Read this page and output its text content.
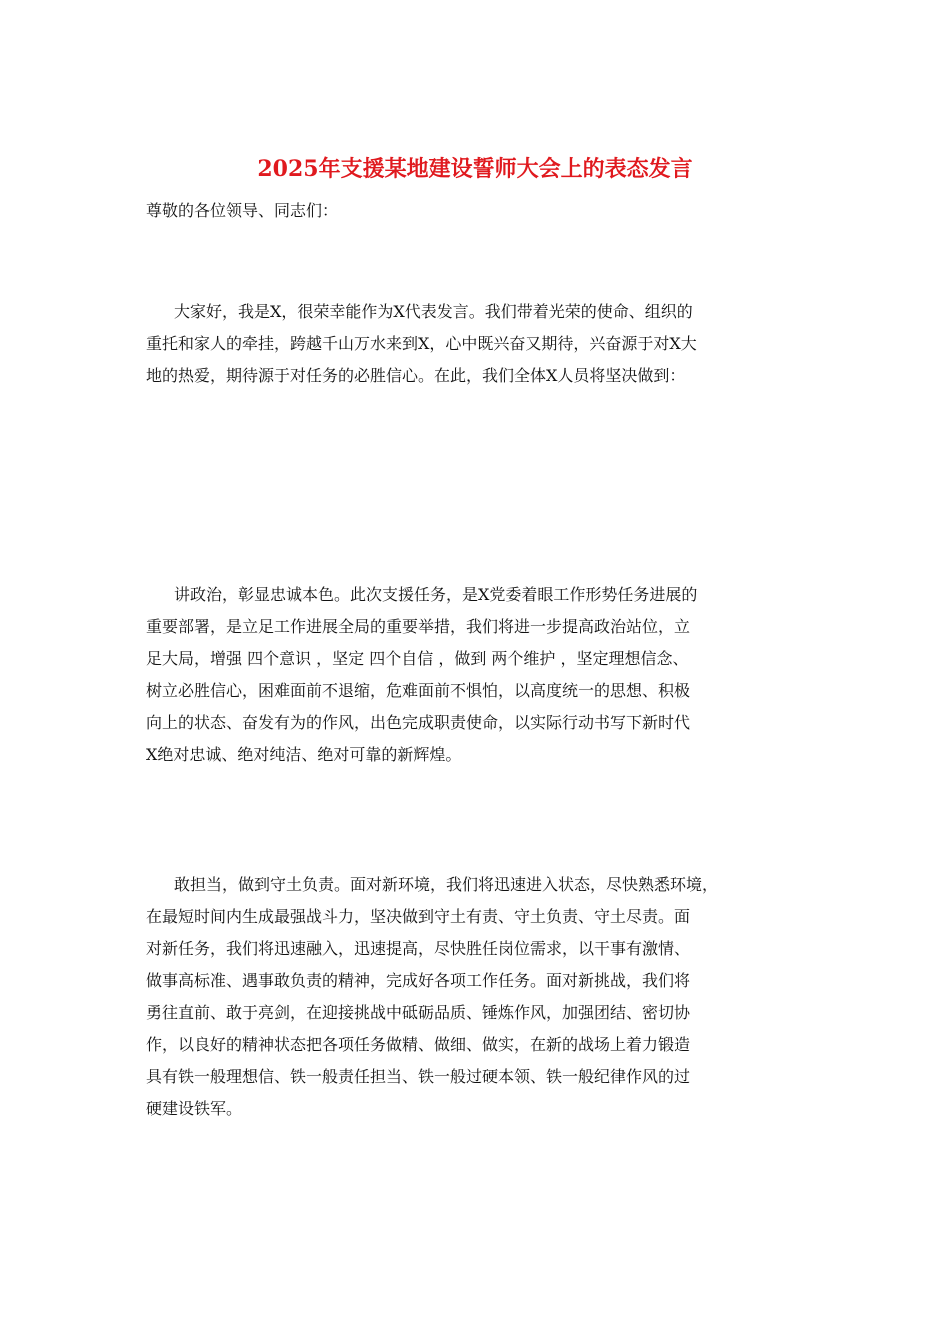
2025年支援某地建设誓师大会上的表态发言
尊敬的各位领导、同志们：
大家好，我是X，很荣幸能作为X代表发言。我们带着光荣的使命、组织的
重托和家人的牵挂，跨越千山万水来到X，心中既兴奋又期待，兴奋源于对X大
地的热爱，期待源于对任务的必胜信心。在此，我们全体X人员将坚决做到：
讲政治，彰显忠诚本色。此次支援任务，是X党委着眼工作形势任务进展的
重要部署，是立足工作进展全局的重要举措，我们将进一步提高政治站位，立
足大局，增强 四个意识 ，坚定 四个自信 ，做到 两个维护 ，坚定理想信念、
树立必胜信心，困难面前不退缩，危难面前不惧怕，以高度统一的思想、积极
向上的状态、奋发有为的作风，出色完成职责使命，以实际行动书写下新时代
X绝对忠诚、绝对纯洁、绝对可靠的新辉煌。
敢担当，做到守土负责。面对新环境，我们将迅速进入状态，尽快熟悉环境，
在最短时间内生成最强战斗力，坚决做到守土有责、守土负责、守土尽责。面
对新任务，我们将迅速融入，迅速提高，尽快胜任岗位需求，以干事有激情、
做事高标准、遇事敢负责的精神，完成好各项工作任务。面对新挑战，我们将
勇往直前、敢于亮剑，在迎接挑战中砥砺品质、锤炼作风，加强团结、密切协
作，以良好的精神状态把各项任务做精、做细、做实，在新的战场上着力锻造
具有铁一般理想信、铁一般责任担当、铁一般过硬本领、铁一般纪律作风的过
硬建设铁军。
